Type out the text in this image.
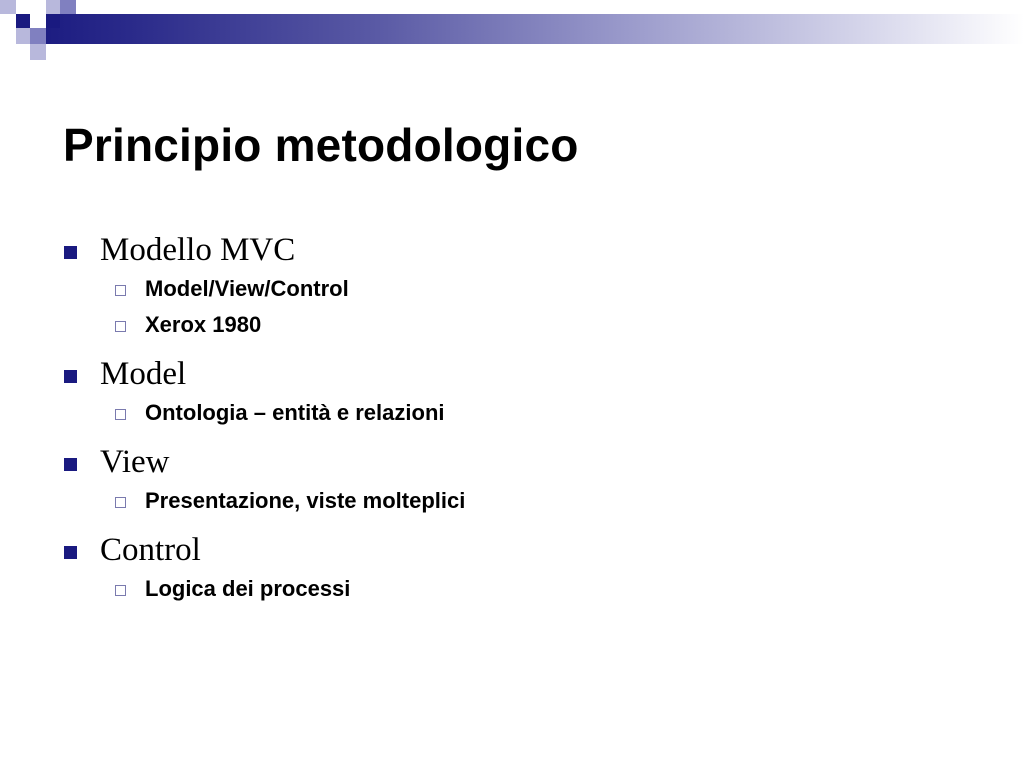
Principio metodologico
Modello MVC
Model/View/Control
Xerox 1980
Model
Ontologia – entità e relazioni
View
Presentazione, viste molteplici
Control
Logica dei processi
